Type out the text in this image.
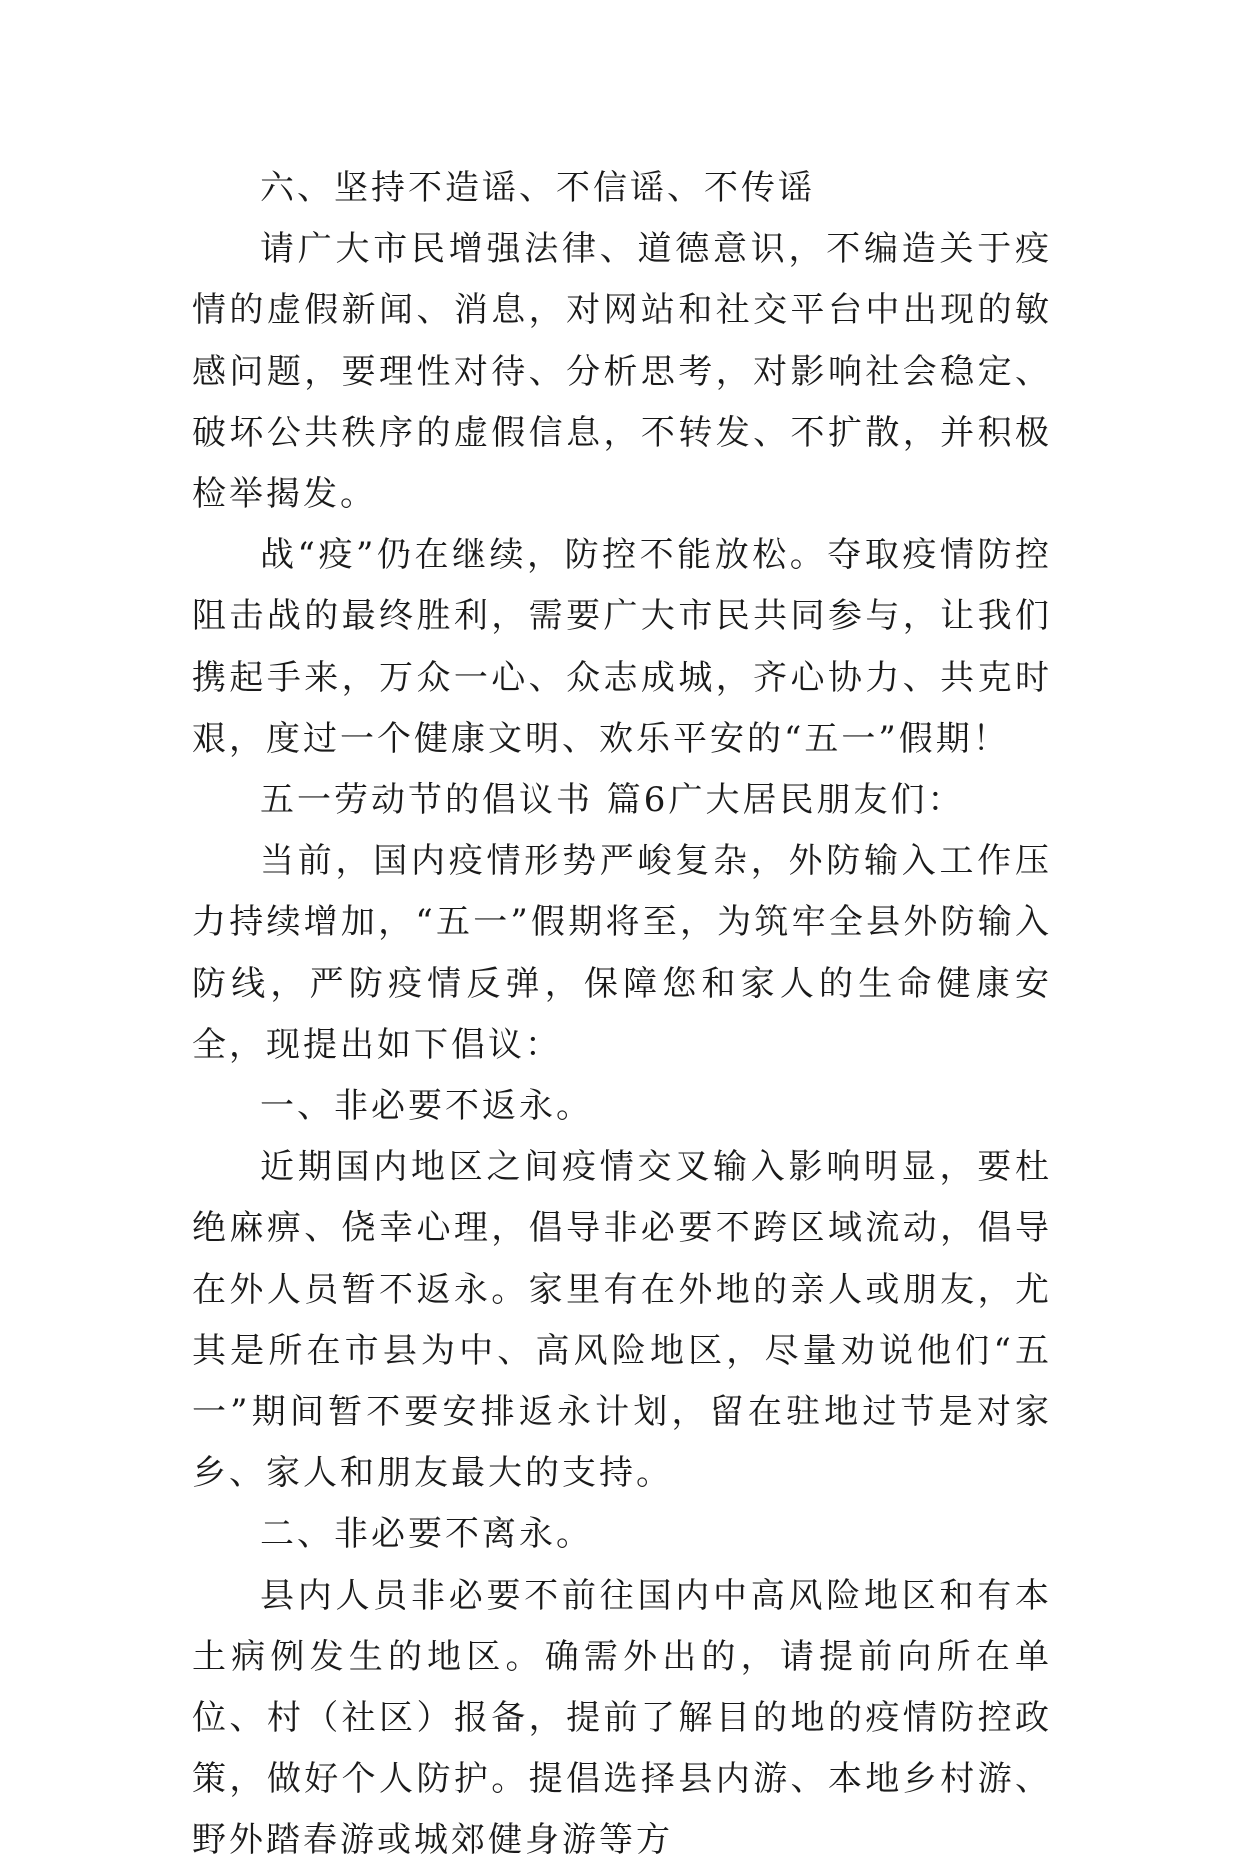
六、坚持不造谣、不信谣、不传谣

请广大市民增强法律、道德意识，不编造关于疫情的虚假新闻、消息，对网站和社交平台中出现的敏感问题，要理性对待、分析思考，对影响社会稳定、破坏公共秩序的虚假信息，不转发、不扩散，并积极检举揭发。

战“疫”仍在继续，防控不能放松。夺取疫情防控阻击战的最终胜利，需要广大市民共同参与，让我们携起手来，万众一心、众志成城，齐心协力、共克时艰，度过一个健康文明、欢乐平安的“五一”假期！

五一劳动节的倡议书 篇6广大居民朋友们：

当前，国内疫情形势严峻复杂，外防输入工作压力持续增加，“五一”假期将至，为筑牢全县外防输入防线，严防疫情反弹，保障您和家人的生命健康安全，现提出如下倡议：

一、非必要不返永。

近期国内地区之间疫情交叉输入影响明显，要杜绝麻痹、侥幸心理，倡导非必要不跨区域流动，倡导在外人员暂不返永。家里有在外地的亲人或朋友，尤其是所在市县为中、高风险地区，尽量劝说他们“五一”期间暂不要安排返永计划，留在驻地过节是对家乡、家人和朋友最大的支持。

二、非必要不离永。

县内人员非必要不前往国内中高风险地区和有本土病例发生的地区。确需外出的，请提前向所在单位、村（社区）报备，提前了解目的地的疫情防控政策，做好个人防护。提倡选择县内游、本地乡村游、野外踏春游或城郊健身游等方
